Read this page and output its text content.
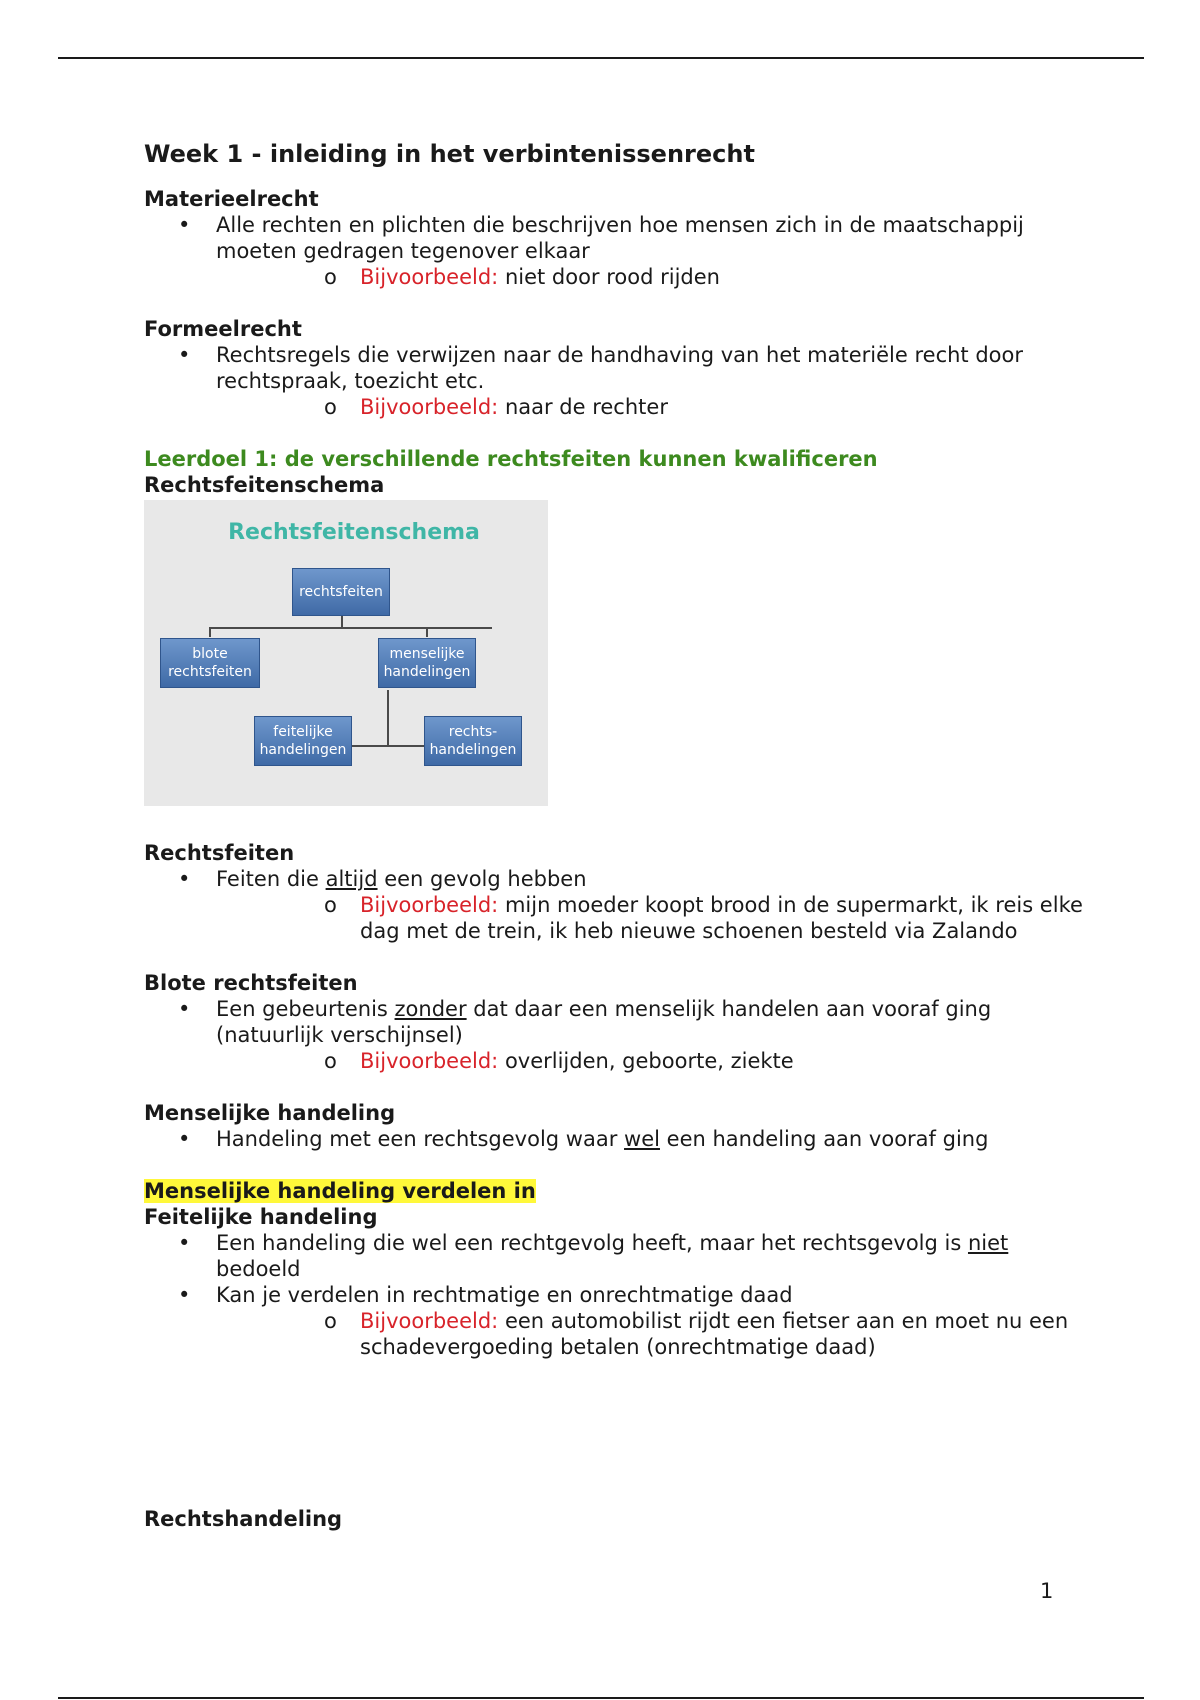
Week 1 - inleiding in het verbintenissenrecht
Materieelrecht
• Alle rechten en plichten die beschrijven hoe mensen zich in de maatschappij moeten gedragen tegenover elkaar
o Bijvoorbeeld: niet door rood rijden
Formeelrecht
• Rechtsregels die verwijzen naar de handhaving van het materiële recht door rechtspraak, toezicht etc.
o Bijvoorbeeld: naar de rechter
Leerdoel 1: de verschillende rechtsfeiten kunnen kwalificeren
Rechtsfeitenschema
Rechtsfeitenschema
rechtsfeiten
blote
rechtsfeiten
menselijke
handelingen
feitelijke
handelingen
rechts-
handelingen
Rechtsfeiten
• Feiten die altijd een gevolg hebben
o Bijvoorbeeld: mijn moeder koopt brood in de supermarkt, ik reis elke dag met de trein, ik heb nieuwe schoenen besteld via Zalando
Blote rechtsfeiten
• Een gebeurtenis zonder dat daar een menselijk handelen aan vooraf ging (natuurlijk verschijnsel)
o Bijvoorbeeld: overlijden, geboorte, ziekte
Menselijke handeling
• Handeling met een rechtsgevolg waar wel een handeling aan vooraf ging
Menselijke handeling verdelen in
Feitelijke handeling
• Een handeling die wel een rechtgevolg heeft, maar het rechtsgevolg is niet bedoeld
• Kan je verdelen in rechtmatige en onrechtmatige daad
o Bijvoorbeeld: een automobilist rijdt een fietser aan en moet nu een schadevergoeding betalen (onrechtmatige daad)
Rechtshandeling
1
